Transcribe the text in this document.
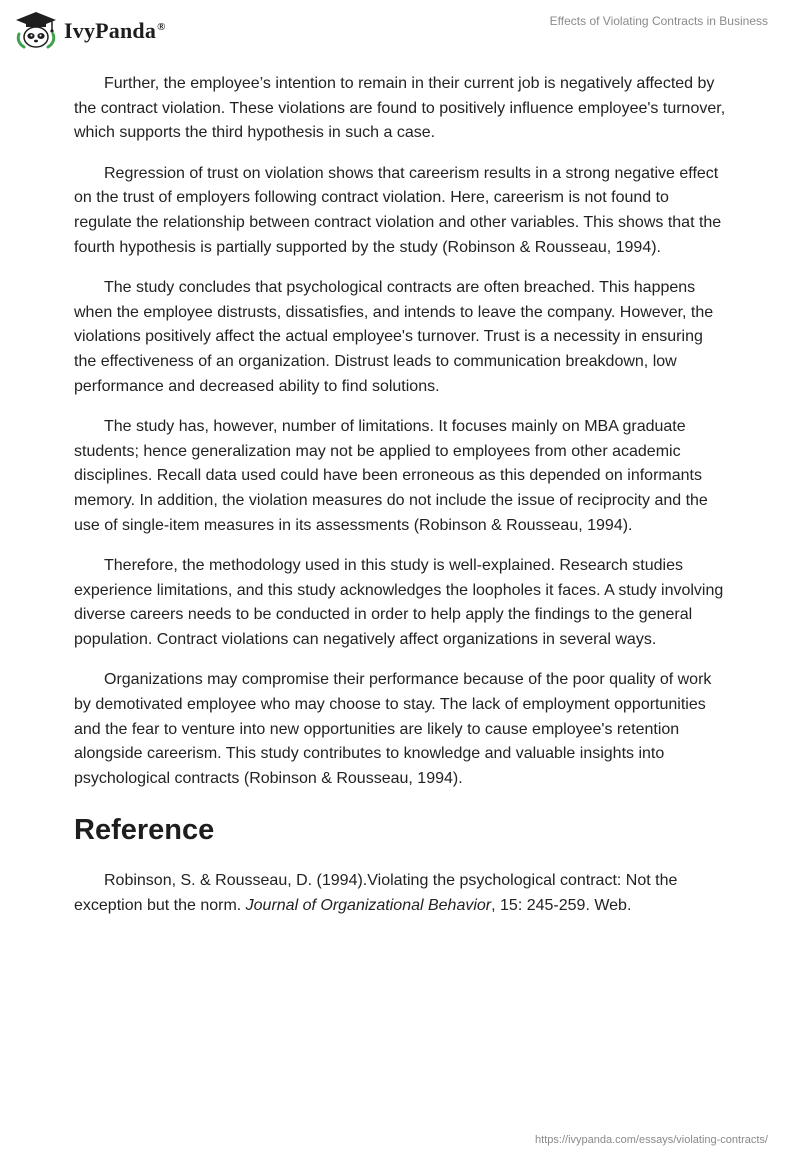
IvyPanda®	Effects of Violating Contracts in Business

Further, the employee’s intention to remain in their current job is negatively affected by the contract violation. These violations are found to positively influence employee's turnover, which supports the third hypothesis in such a case.

Regression of trust on violation shows that careerism results in a strong negative effect on the trust of employers following contract violation. Here, careerism is not found to regulate the relationship between contract violation and other variables. This shows that the fourth hypothesis is partially supported by the study (Robinson & Rousseau, 1994).

The study concludes that psychological contracts are often breached. This happens when the employee distrusts, dissatisfies, and intends to leave the company. However, the violations positively affect the actual employee's turnover. Trust is a necessity in ensuring the effectiveness of an organization. Distrust leads to communication breakdown, low performance and decreased ability to find solutions.

The study has, however, number of limitations. It focuses mainly on MBA graduate students; hence generalization may not be applied to employees from other academic disciplines. Recall data used could have been erroneous as this depended on informants memory. In addition, the violation measures do not include the issue of reciprocity and the use of single-item measures in its assessments (Robinson & Rousseau, 1994).

Therefore, the methodology used in this study is well-explained. Research studies experience limitations, and this study acknowledges the loopholes it faces. A study involving diverse careers needs to be conducted in order to help apply the findings to the general population. Contract violations can negatively affect organizations in several ways.

Organizations may compromise their performance because of the poor quality of work by demotivated employee who may choose to stay. The lack of employment opportunities and the fear to venture into new opportunities are likely to cause employee's retention alongside careerism. This study contributes to knowledge and valuable insights into psychological contracts (Robinson & Rousseau, 1994).

Reference

Robinson, S. & Rousseau, D. (1994).Violating the psychological contract: Not the exception but the norm. Journal of Organizational Behavior, 15: 245-259. Web.

https://ivypanda.com/essays/violating-contracts/
